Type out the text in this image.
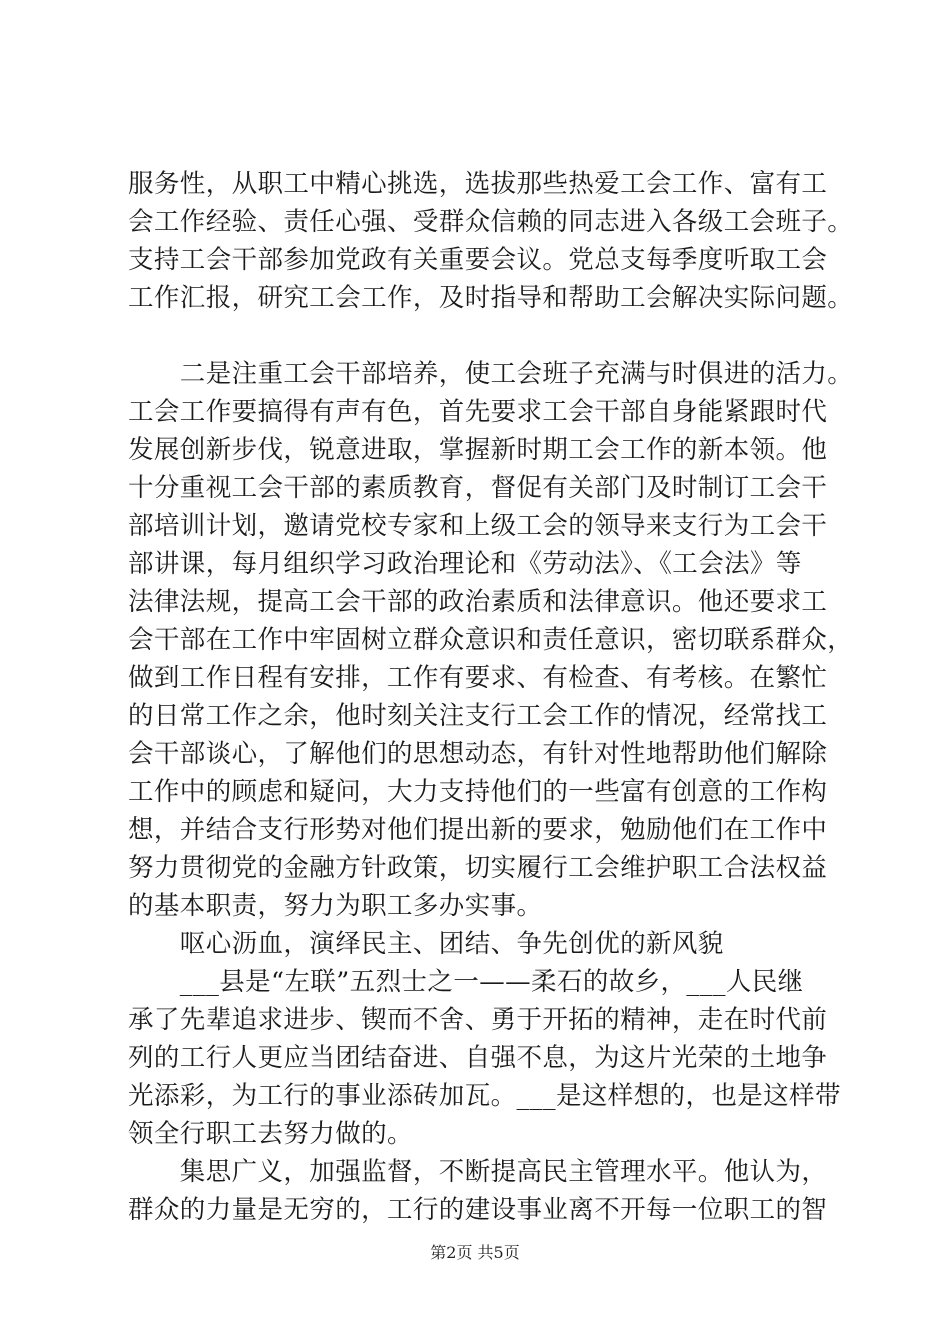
服务性，从职工中精心挑选，选拔那些热爱工会工作、富有工
会工作经验、责任心强、受群众信赖的同志进入各级工会班子。
支持工会干部参加党政有关重要会议。党总支每季度听取工会
工作汇报，研究工会工作，及时指导和帮助工会解决实际问题。
　　二是注重工会干部培养，使工会班子充满与时俱进的活力。
工会工作要搞得有声有色，首先要求工会干部自身能紧跟时代
发展创新步伐，锐意进取，掌握新时期工会工作的新本领。他
十分重视工会干部的素质教育，督促有关部门及时制订工会干
部培训计划，邀请党校专家和上级工会的领导来支行为工会干
部讲课，每月组织学习政治理论和《劳动法》、《工会法》等
法律法规，提高工会干部的政治素质和法律意识。他还要求工
会干部在工作中牢固树立群众意识和责任意识，密切联系群众，
做到工作日程有安排，工作有要求、有检查、有考核。在繁忙
的日常工作之余，他时刻关注支行工会工作的情况，经常找工
会干部谈心，了解他们的思想动态，有针对性地帮助他们解除
工作中的顾虑和疑问，大力支持他们的一些富有创意的工作构
想，并结合支行形势对他们提出新的要求，勉励他们在工作中
努力贯彻党的金融方针政策，切实履行工会维护职工合法权益
的基本职责，努力为职工多办实事。
　　呕心沥血，演绎民主、团结、争先创优的新风貌
　　___县是“左联”五烈士之一——柔石的故乡，___人民继
承了先辈追求进步、锲而不舍、勇于开拓的精神，走在时代前
列的工行人更应当团结奋进、自强不息，为这片光荣的土地争
光添彩，为工行的事业添砖加瓦。___是这样想的，也是这样带
领全行职工去努力做的。
　　集思广义，加强监督，不断提高民主管理水平。他认为，
群众的力量是无穷的，工行的建设事业离不开每一位职工的智
第2页 共5页
